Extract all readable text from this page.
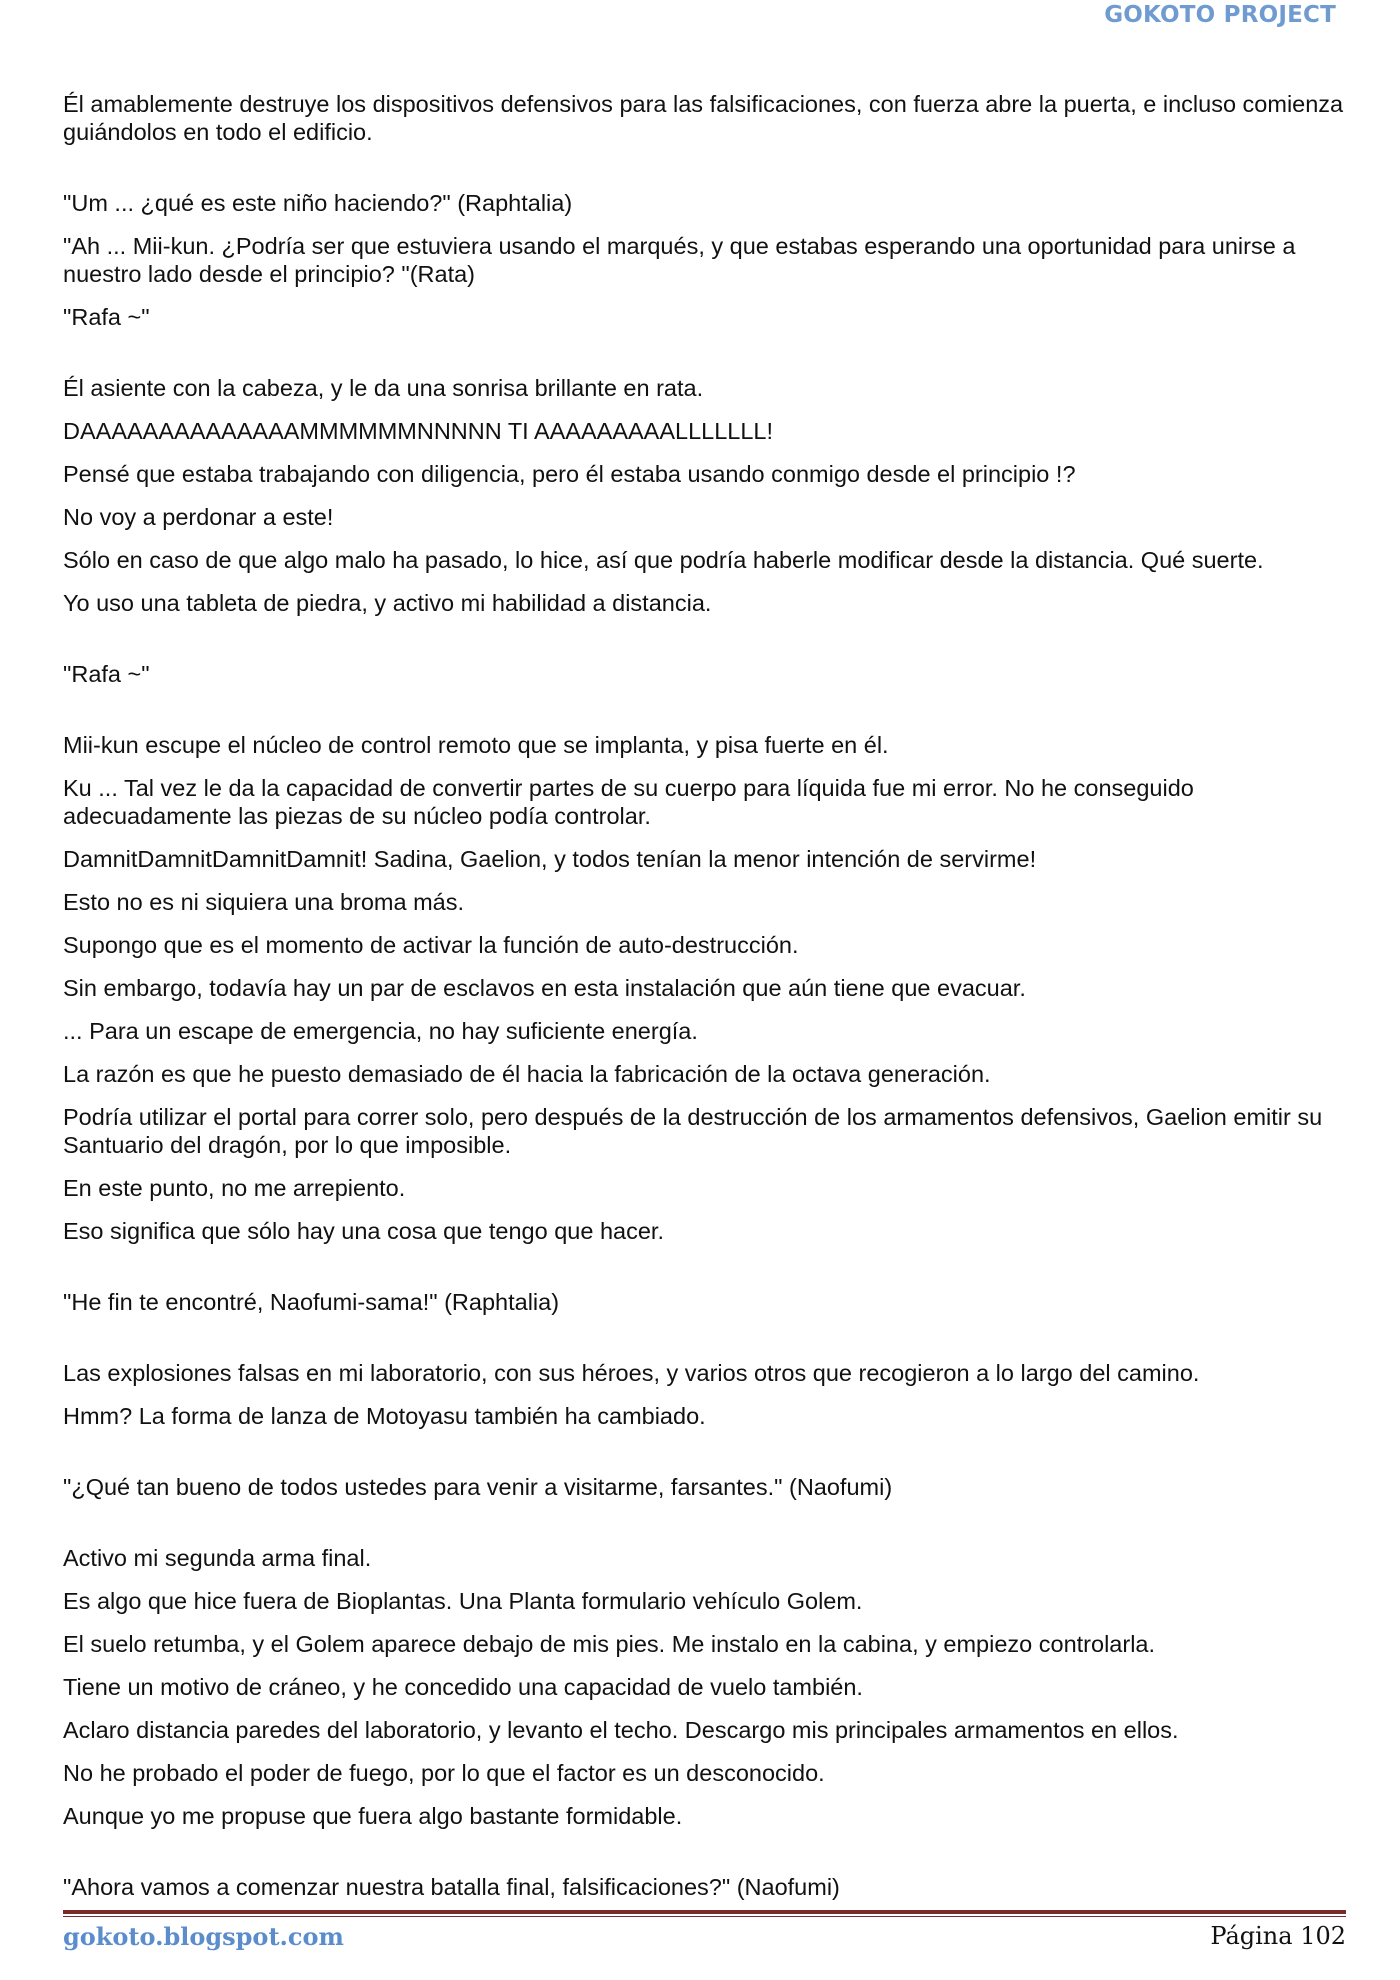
GOKOTO PROJECT

Él amablemente destruye los dispositivos defensivos para las falsificaciones, con fuerza abre la puerta, e incluso comienza guiándolos en todo el edificio.

"Um ... ¿qué es este niño haciendo?" (Raphtalia)

"Ah ... Mii-kun. ¿Podría ser que estuviera usando el marqués, y que estabas esperando una oportunidad para unirse a nuestro lado desde el principio? "(Rata)

"Rafa ~"

Él asiente con la cabeza, y le da una sonrisa brillante en rata.

DAAAAAAAAAAAAAAMMMMMMNNNNN TI AAAAAAAAALLLLLLL!

Pensé que estaba trabajando con diligencia, pero él estaba usando conmigo desde el principio !?

No voy a perdonar a este!

Sólo en caso de que algo malo ha pasado, lo hice, así que podría haberle modificar desde la distancia. Qué suerte.

Yo uso una tableta de piedra, y activo mi habilidad a distancia.

"Rafa ~"

Mii-kun escupe el núcleo de control remoto que se implanta, y pisa fuerte en él.

Ku ... Tal vez le da la capacidad de convertir partes de su cuerpo para líquida fue mi error. No he conseguido adecuadamente las piezas de su núcleo podía controlar.

DamnitDamnitDamnitDamnit! Sadina, Gaelion, y todos tenían la menor intención de servirme!

Esto no es ni siquiera una broma más.

Supongo que es el momento de activar la función de auto-destrucción.

Sin embargo, todavía hay un par de esclavos en esta instalación que aún tiene que evacuar.

... Para un escape de emergencia, no hay suficiente energía.

La razón es que he puesto demasiado de él hacia la fabricación de la octava generación.

Podría utilizar el portal para correr solo, pero después de la destrucción de los armamentos defensivos, Gaelion emitir su Santuario del dragón, por lo que imposible.

En este punto, no me arrepiento.

Eso significa que sólo hay una cosa que tengo que hacer.

"He fin te encontré, Naofumi-sama!" (Raphtalia)

Las explosiones falsas en mi laboratorio, con sus héroes, y varios otros que recogieron a lo largo del camino.

Hmm? La forma de lanza de Motoyasu también ha cambiado.

"¿Qué tan bueno de todos ustedes para venir a visitarme, farsantes." (Naofumi)

Activo mi segunda arma final.

Es algo que hice fuera de Bioplantas. Una Planta formulario vehículo Golem.

El suelo retumba, y el Golem aparece debajo de mis pies. Me instalo en la cabina, y empiezo controlarla.

Tiene un motivo de cráneo, y he concedido una capacidad de vuelo también.

Aclaro distancia paredes del laboratorio, y levanto el techo. Descargo mis principales armamentos en ellos.

No he probado el poder de fuego, por lo que el factor es un desconocido.

Aunque yo me propuse que fuera algo bastante formidable.

"Ahora vamos a comenzar nuestra batalla final, falsificaciones?" (Naofumi)

gokoto.blogspot.com	Página 102
